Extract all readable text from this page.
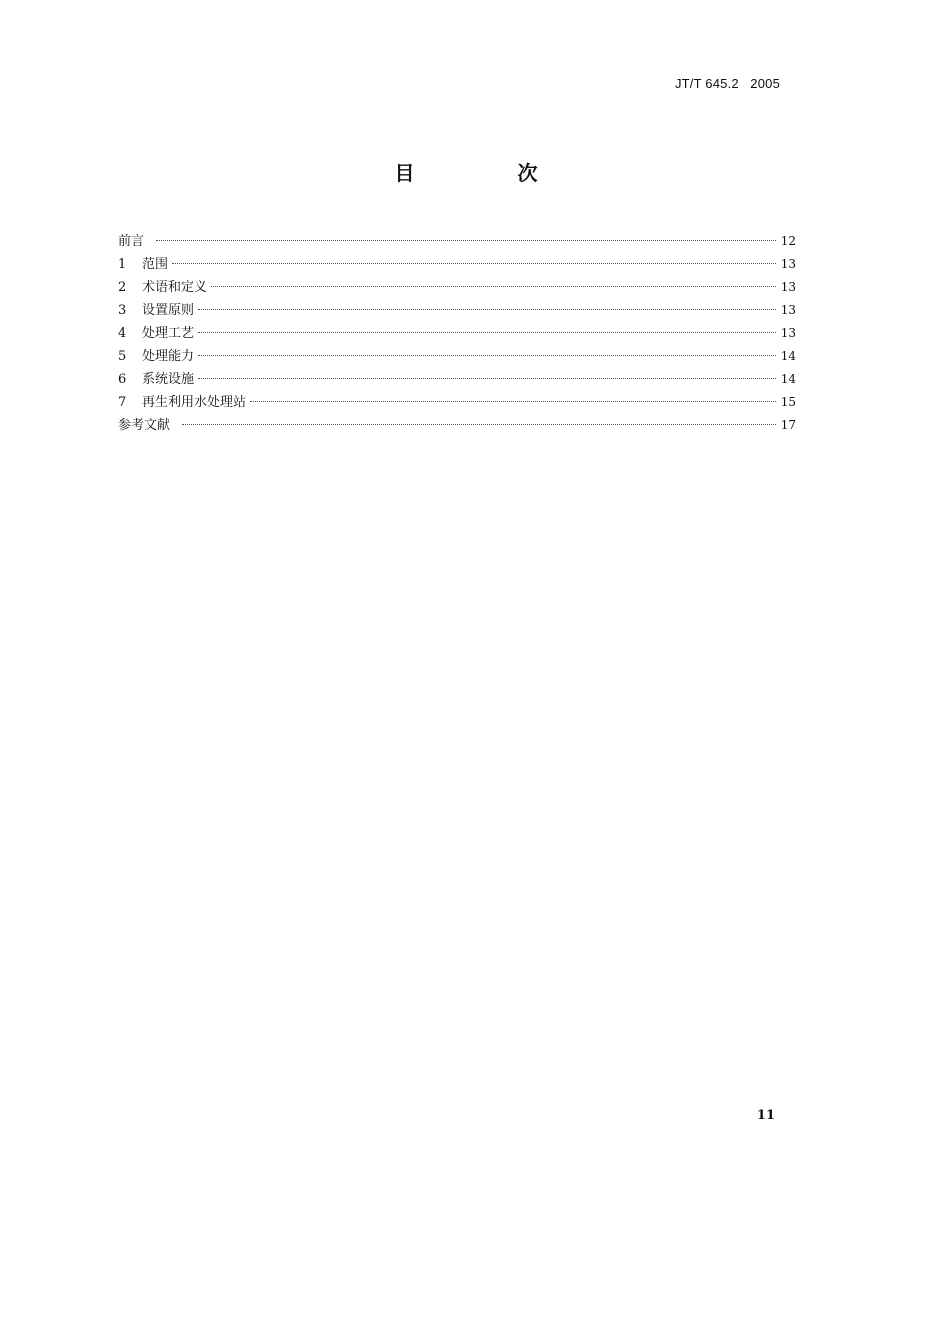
JT/T 645.2   2005
目 次
前言	12
1	范围	13
2	术语和定义	13
3	设置原则	13
4	处理工艺	13
5	处理能力	14
6	系统设施	14
7	再生利用水处理站	15
参考文献	17
11
